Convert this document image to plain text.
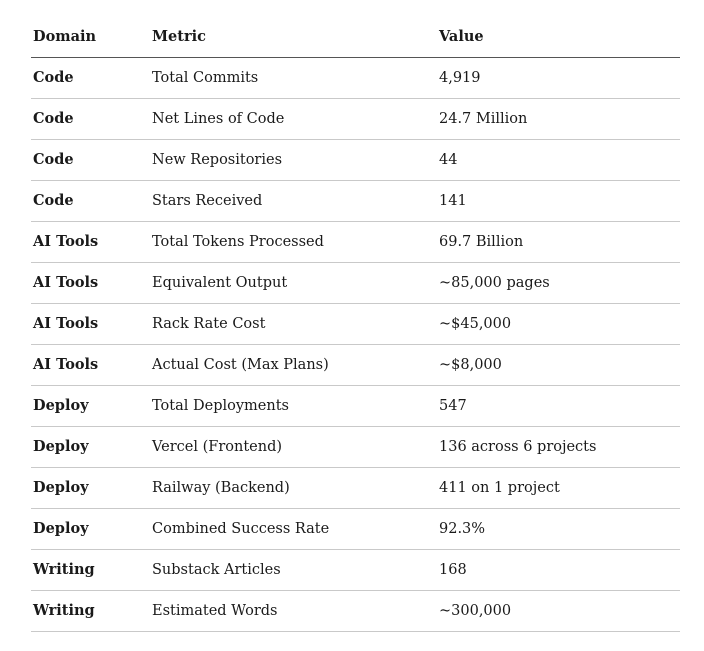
Domain	Metric	Value
Code	Total Commits	4,919
Code	Net Lines of Code	24.7 Million
Code	New Repositories	44
Code	Stars Received	141
AI Tools	Total Tokens Processed	69.7 Billion
AI Tools	Equivalent Output	~85,000 pages
AI Tools	Rack Rate Cost	~$45,000
AI Tools	Actual Cost (Max Plans)	~$8,000
Deploy	Total Deployments	547
Deploy	Vercel (Frontend)	136 across 6 projects
Deploy	Railway (Backend)	411 on 1 project
Deploy	Combined Success Rate	92.3%
Writing	Substack Articles	168
Writing	Estimated Words	~300,000
